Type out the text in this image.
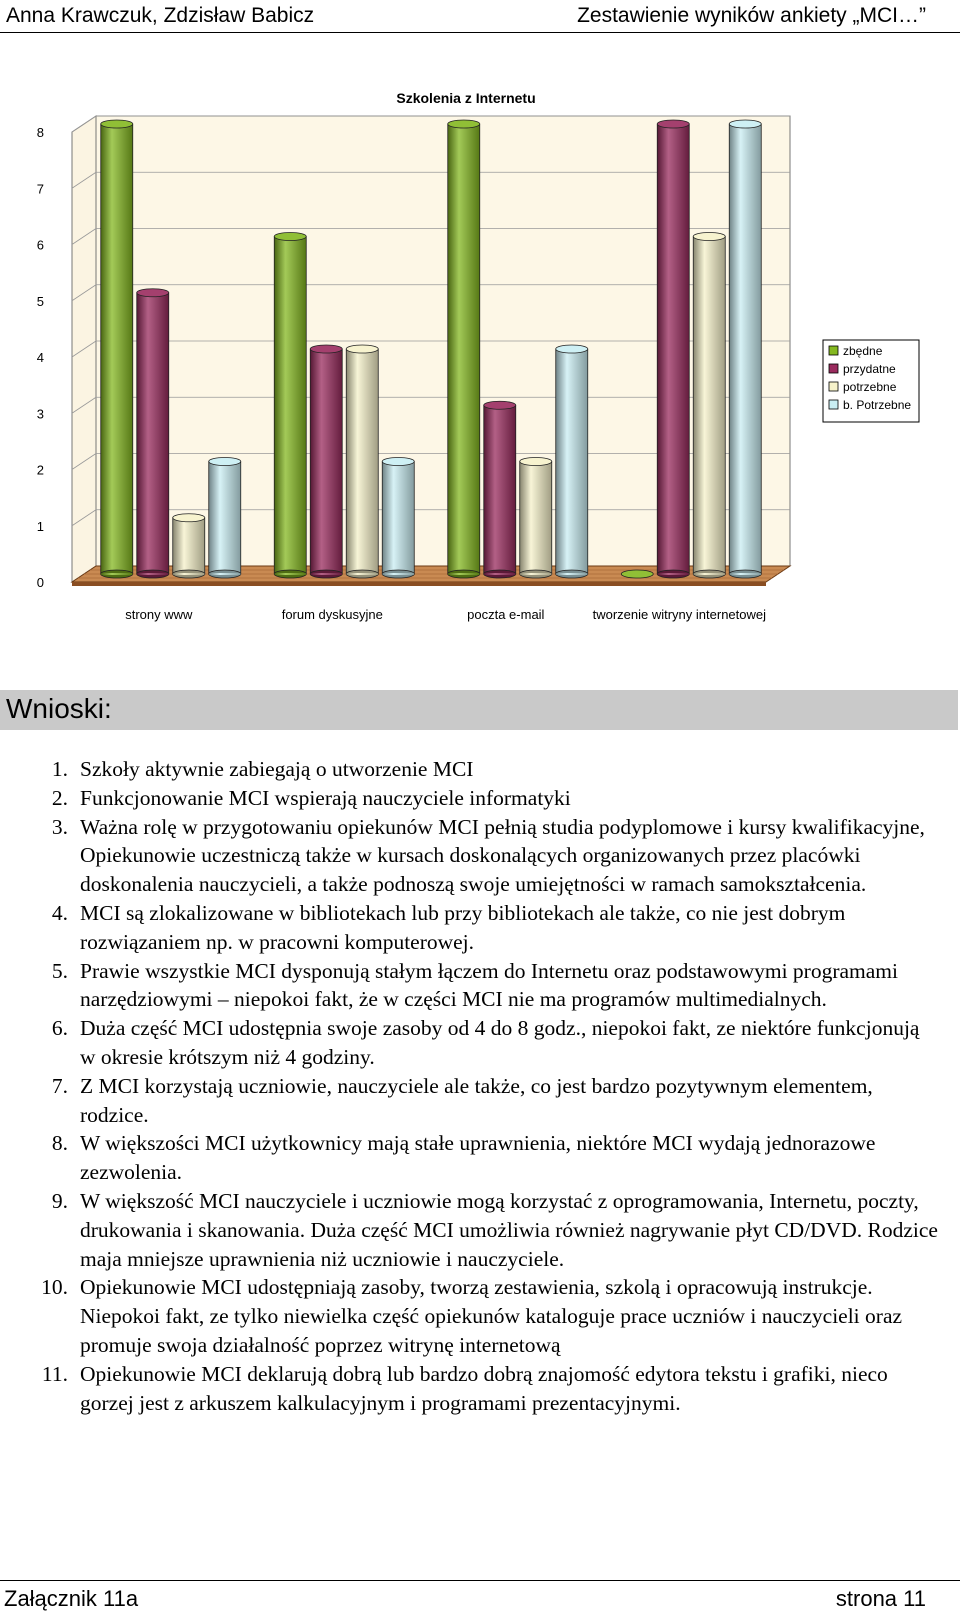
Anna Krawczuk, Zdzisław Babicz	Zestawienie wyników ankiety „MCI…”
Szkolenia z Internetu
0
1
2
3
4
5
6
7
8
strony www	forum dyskusyjne	poczta e-mail	tworzenie witryny internetowej
zbędne
przydatne
potrzebne
b. Potrzebne
Wnioski:
1. Szkoły aktywnie zabiegają o utworzenie MCI
2. Funkcjonowanie MCI wspierają nauczyciele informatyki
3. Ważna rolę w przygotowaniu opiekunów MCI pełnią studia podyplomowe i kursy kwalifikacyjne, Opiekunowie uczestniczą także w kursach doskonalących organizowanych przez placówki doskonalenia nauczycieli, a także podnoszą swoje umiejętności w ramach samokształcenia.
4. MCI są zlokalizowane w bibliotekach lub przy bibliotekach ale także, co nie jest dobrym rozwiązaniem np. w pracowni komputerowej.
5. Prawie wszystkie MCI dysponują stałym łączem do Internetu oraz podstawowymi programami narzędziowymi – niepokoi fakt, że w części MCI nie ma programów multimedialnych.
6. Duża część MCI udostępnia swoje zasoby od 4 do 8 godz., niepokoi fakt, ze niektóre funkcjonują w okresie krótszym niż 4 godziny.
7. Z MCI korzystają uczniowie, nauczyciele ale także, co jest bardzo pozytywnym elementem, rodzice.
8. W większości MCI użytkownicy mają stałe uprawnienia, niektóre MCI wydają jednorazowe zezwolenia.
9. W większość MCI nauczyciele i uczniowie mogą korzystać z oprogramowania, Internetu, poczty, drukowania i skanowania. Duża część MCI umożliwia również nagrywanie płyt CD/DVD. Rodzice maja mniejsze uprawnienia niż uczniowie i nauczyciele.
10. Opiekunowie MCI udostępniają zasoby, tworzą zestawienia, szkolą i opracowują instrukcje. Niepokoi fakt, ze tylko niewielka część opiekunów kataloguje prace uczniów i nauczycieli oraz promuje swoja działalność poprzez witrynę internetową
11. Opiekunowie MCI deklarują dobrą lub bardzo dobrą znajomość edytora tekstu i grafiki, nieco gorzej jest z arkuszem kalkulacyjnym i programami prezentacyjnymi.
Załącznik 11a	strona 11
